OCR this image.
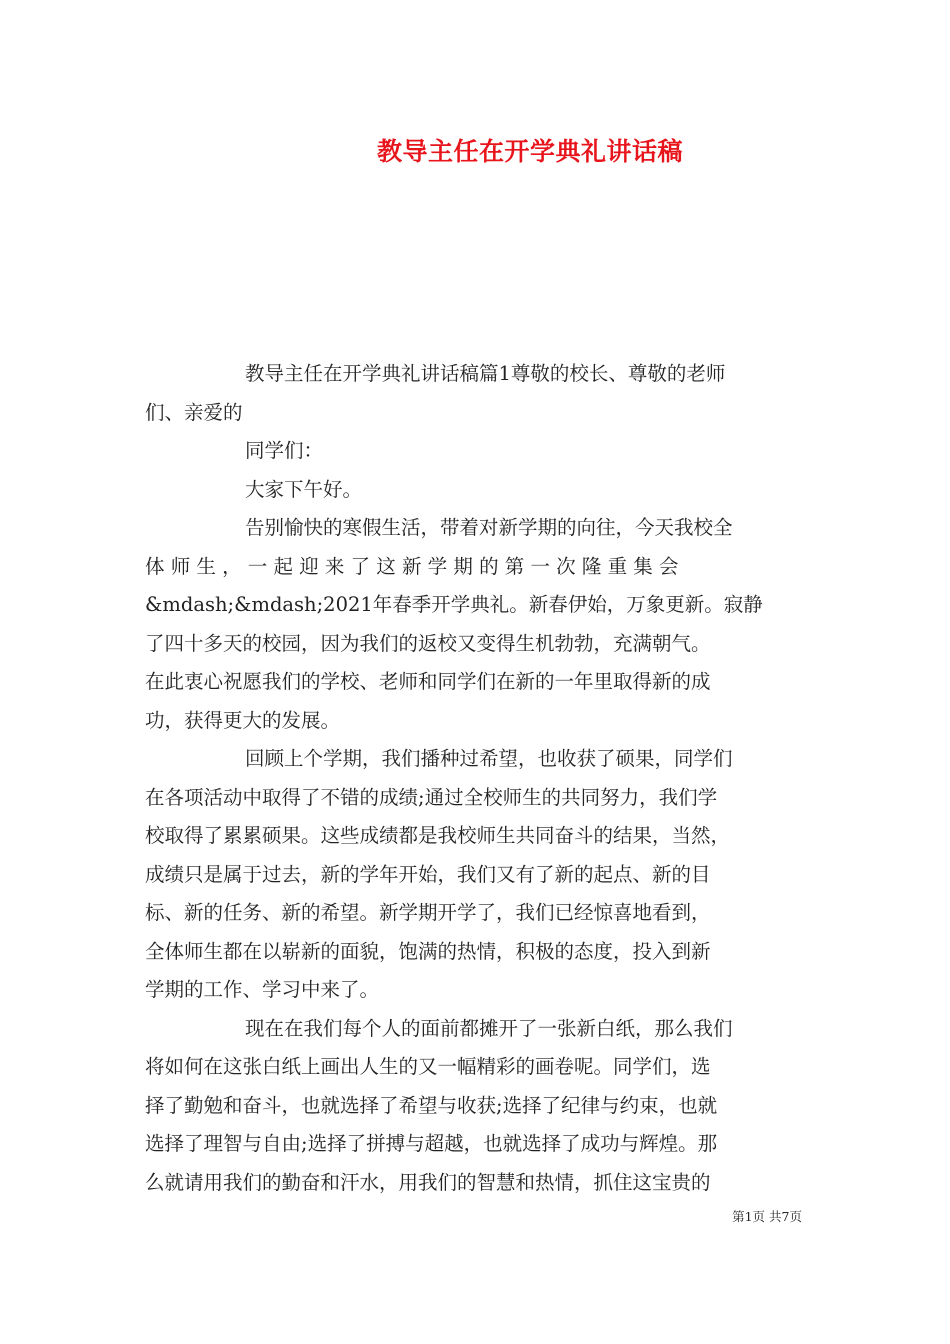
教导主任在开学典礼讲话稿
教导主任在开学典礼讲话稿篇1尊敬的校长、尊敬的老师
们、亲爱的
同学们：
大家下午好。
告别愉快的寒假生活，带着对新学期的向往，今天我校全
体 师 生 ， 一 起 迎 来 了 这 新 学 期 的 第 一 次 隆 重 集 会
&mdash;&mdash;2021年春季开学典礼。新春伊始，万象更新。寂静
了四十多天的校园，因为我们的返校又变得生机勃勃，充满朝气。
在此衷心祝愿我们的学校、老师和同学们在新的一年里取得新的成
功，获得更大的发展。
回顾上个学期，我们播种过希望，也收获了硕果，同学们
在各项活动中取得了不错的成绩;通过全校师生的共同努力，我们学
校取得了累累硕果。这些成绩都是我校师生共同奋斗的结果，当然，
成绩只是属于过去，新的学年开始，我们又有了新的起点、新的目
标、新的任务、新的希望。新学期开学了，我们已经惊喜地看到，
全体师生都在以崭新的面貌，饱满的热情，积极的态度，投入到新
学期的工作、学习中来了。
现在在我们每个人的面前都摊开了一张新白纸，那么我们
将如何在这张白纸上画出人生的又一幅精彩的画卷呢。同学们，选
择了勤勉和奋斗，也就选择了希望与收获;选择了纪律与约束，也就
选择了理智与自由;选择了拼搏与超越，也就选择了成功与辉煌。那
么就请用我们的勤奋和汗水，用我们的智慧和热情，抓住这宝贵的
第1页 共7页
